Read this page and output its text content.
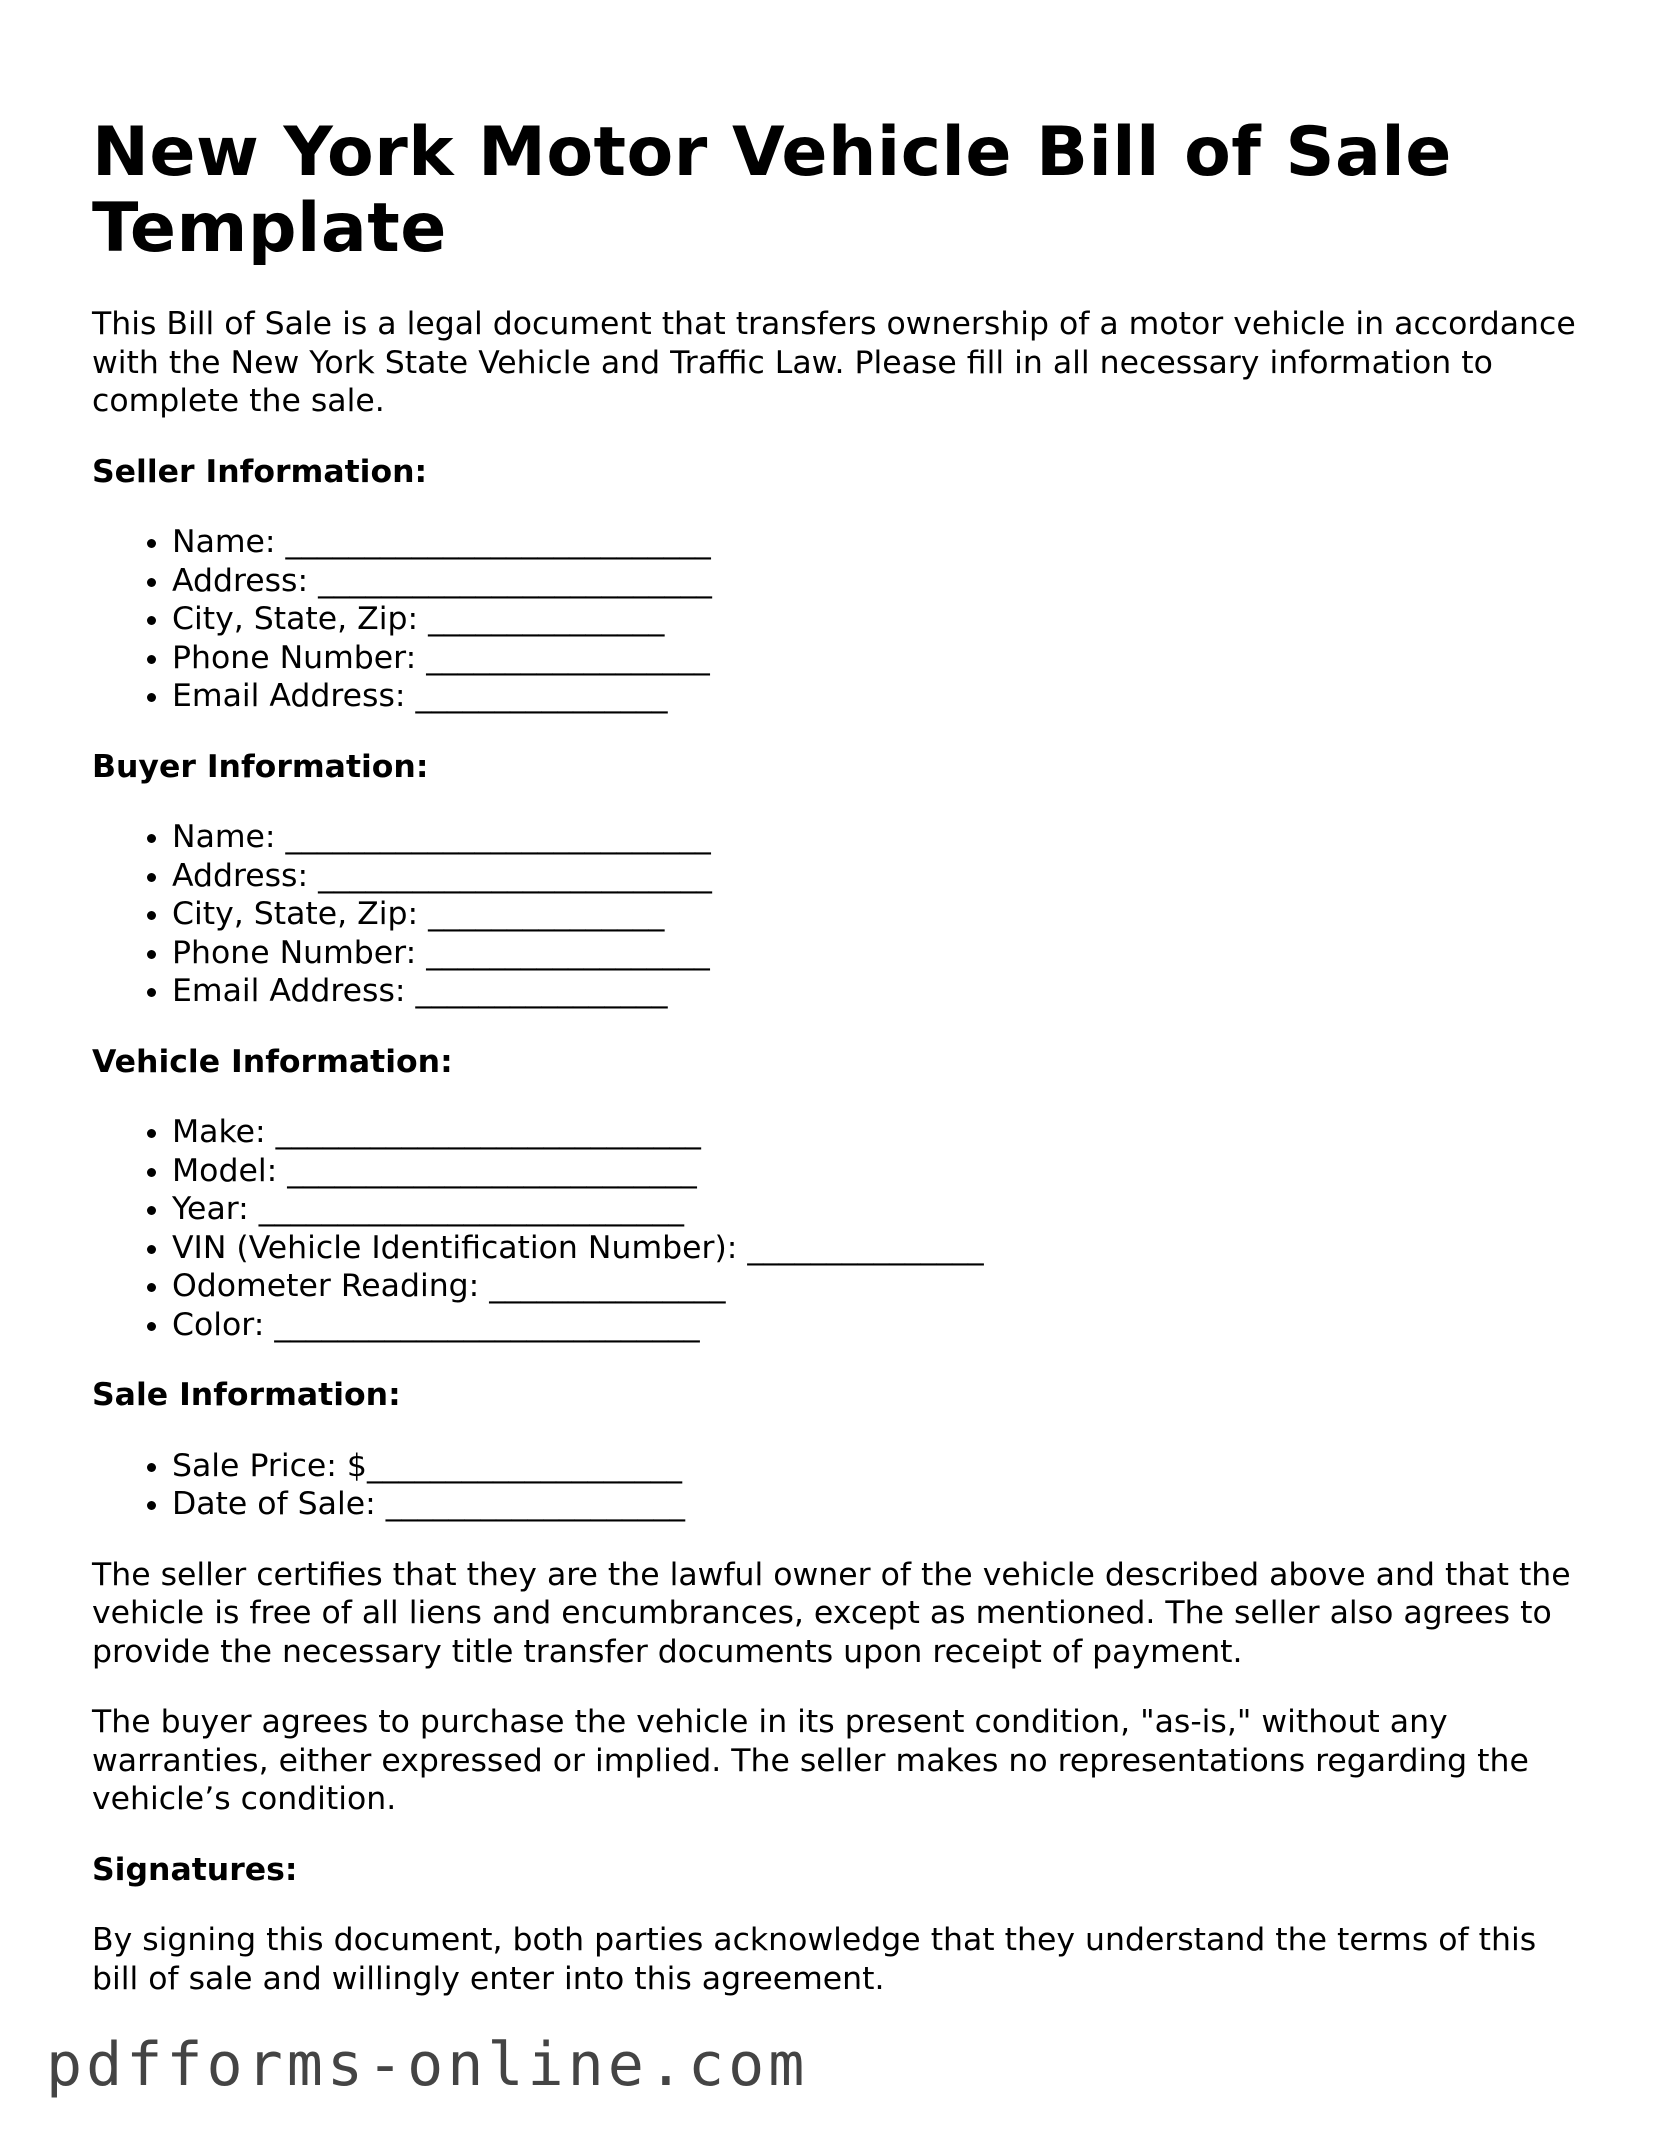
New York Motor Vehicle Bill of Sale Template

This Bill of Sale is a legal document that transfers ownership of a motor vehicle in accordance with the New York State Vehicle and Traffic Law. Please fill in all necessary information to complete the sale.

Seller Information:
• Name: ___________________________
• Address: _________________________
• City, State, Zip: _______________
• Phone Number: __________________
• Email Address: ________________
Buyer Information:
• Name: ___________________________
• Address: _________________________
• City, State, Zip: _______________
• Phone Number: __________________
• Email Address: ________________
Vehicle Information:
• Make: ___________________________
• Model: __________________________
• Year: ___________________________
• VIN (Vehicle Identification Number): _______________
• Odometer Reading: _______________
• Color: ___________________________
Sale Information:
• Sale Price: $____________________
• Date of Sale: ___________________

The seller certifies that they are the lawful owner of the vehicle described above and that the vehicle is free of all liens and encumbrances, except as mentioned. The seller also agrees to provide the necessary title transfer documents upon receipt of payment.

The buyer agrees to purchase the vehicle in its present condition, "as-is," without any warranties, either expressed or implied. The seller makes no representations regarding the vehicle’s condition.

Signatures:

By signing this document, both parties acknowledge that they understand the terms of this bill of sale and willingly enter into this agreement.

pdfforms-online.com
